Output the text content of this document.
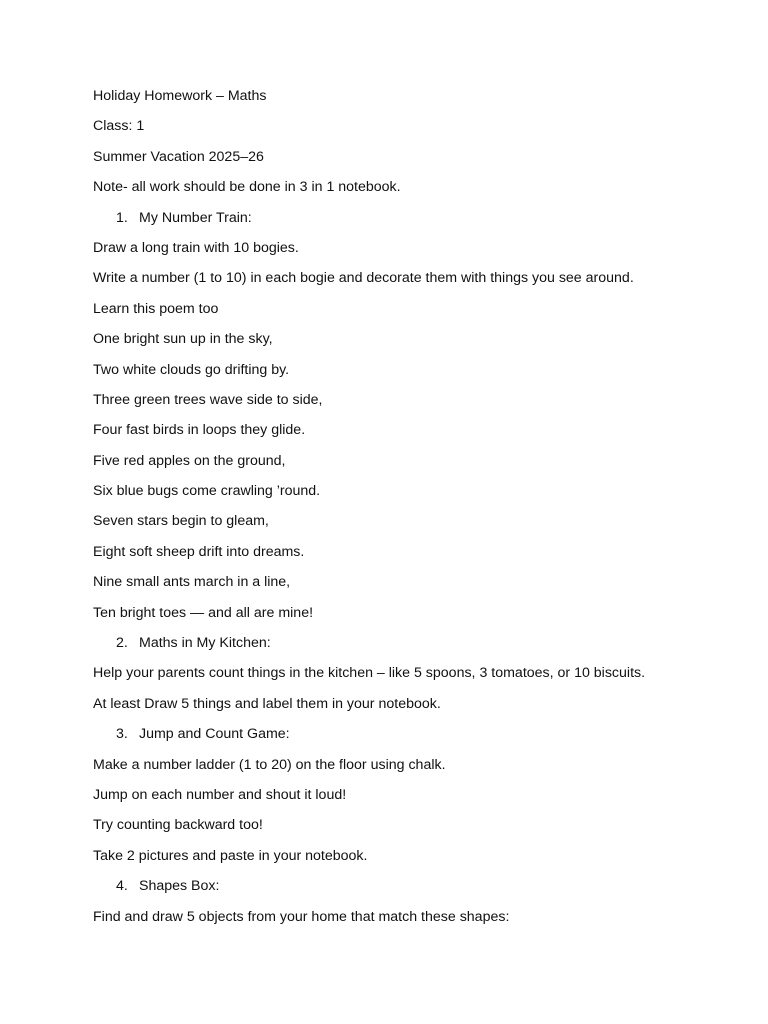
Holiday Homework – Maths
Class: 1
Summer Vacation 2025–26
Note- all work should be done in 3 in 1 notebook.
1. My Number Train:
Draw a long train with 10 bogies.
Write a number (1 to 10) in each bogie and decorate them with things you see around.
Learn this poem too
One bright sun up in the sky,
Two white clouds go drifting by.
Three green trees wave side to side,
Four fast birds in loops they glide.
Five red apples on the ground,
Six blue bugs come crawling ’round.
Seven stars begin to gleam,
Eight soft sheep drift into dreams.
Nine small ants march in a line,
Ten bright toes — and all are mine!
2. Maths in My Kitchen:
Help your parents count things in the kitchen – like 5 spoons, 3 tomatoes, or 10 biscuits.
At least Draw 5 things and label them in your notebook.
3. Jump and Count Game:
Make a number ladder (1 to 20) on the floor using chalk.
Jump on each number and shout it loud!
Try counting backward too!
Take 2 pictures and paste in your notebook.
4. Shapes Box:
Find and draw 5 objects from your home that match these shapes:
